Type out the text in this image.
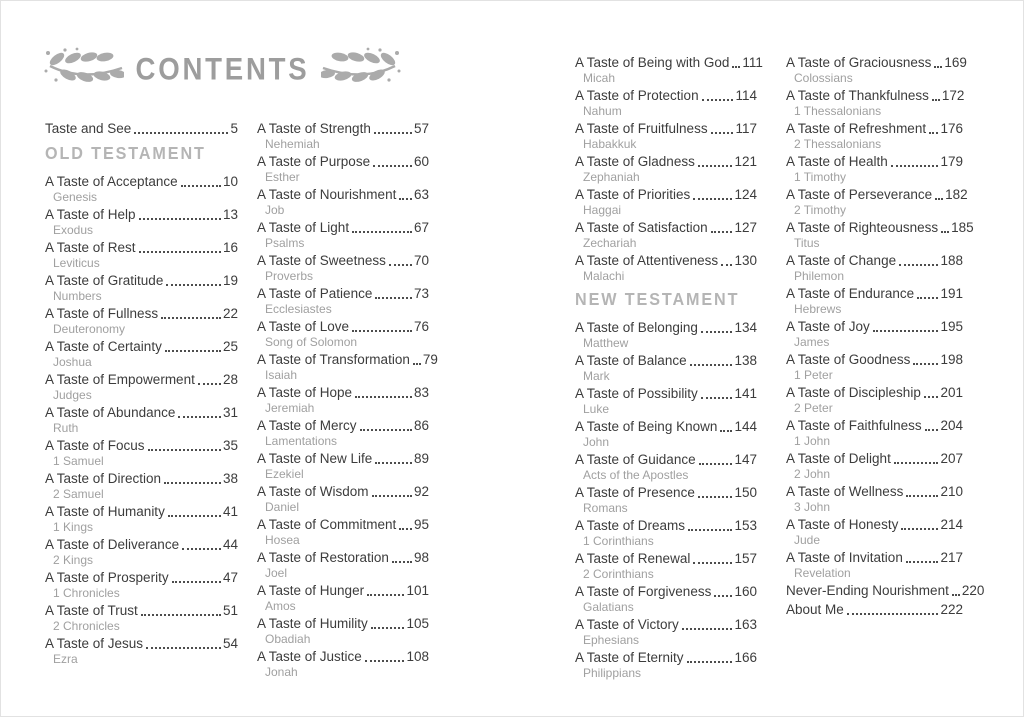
CONTENTS
Taste and See	5
OLD TESTAMENT
A Taste of Acceptance	10
Genesis
A Taste of Help	13
Exodus
A Taste of Rest	16
Leviticus
A Taste of Gratitude	19
Numbers
A Taste of Fullness	22
Deuteronomy
A Taste of Certainty	25
Joshua
A Taste of Empowerment 28
Judges
A Taste of Abundance	31
Ruth
A Taste of Focus	35
1 Samuel
A Taste of Direction	38
2 Samuel
A Taste of Humanity	41
1 Kings
A Taste of Deliverance	44
2 Kings
A Taste of Prosperity	47
1 Chronicles
A Taste of Trust	51
2 Chronicles
A Taste of Jesus	54
Ezra
A Taste of Strength	57
Nehemiah
A Taste of Purpose	60
Esther
A Taste of Nourishment 63
Job
A Taste of Light	67
Psalms
A Taste of Sweetness 70
Proverbs
A Taste of Patience	73
Ecclesiastes
A Taste of Love	76
Song of Solomon
A Taste of Transformation 79
Isaiah
A Taste of Hope	83
Jeremiah
A Taste of Mercy	86
Lamentations
A Taste of New Life	89
Ezekiel
A Taste of Wisdom	92
Daniel
A Taste of Commitment 95
Hosea
A Taste of Restoration 98
Joel
A Taste of Hunger	101
Amos
A Taste of Humility	105
Obadiah
A Taste of Justice	108
Jonah
A Taste of Being with God 111
Micah
A Taste of Protection	114
Nahum
A Taste of Fruitfulness 117
Habakkuk
A Taste of Gladness	121
Zephaniah
A Taste of Priorities	124
Haggai
A Taste of Satisfaction 127
Zechariah
A Taste of Attentiveness 130
Malachi
NEW TESTAMENT
A Taste of Belonging	134
Matthew
A Taste of Balance	138
Mark
A Taste of Possibility	141
Luke
A Taste of Being Known 144
John
A Taste of Guidance	147
Acts of the Apostles
A Taste of Presence	150
Romans
A Taste of Dreams	153
1 Corinthians
A Taste of Renewal	157
2 Corinthians
A Taste of Forgiveness 160
Galatians
A Taste of Victory	163
Ephesians
A Taste of Eternity	166
Philippians
A Taste of Graciousness 169
Colossians
A Taste of Thankfulness 172
1 Thessalonians
A Taste of Refreshment 176
2 Thessalonians
A Taste of Health	179
1 Timothy
A Taste of Perseverance 182
2 Timothy
A Taste of Righteousness 185
Titus
A Taste of Change	188
Philemon
A Taste of Endurance 191
Hebrews
A Taste of Joy	195
James
A Taste of Goodness 198
1 Peter
A Taste of Discipleship 201
2 Peter
A Taste of Faithfulness 204
1 John
A Taste of Delight	207
2 John
A Taste of Wellness	210
3 John
A Taste of Honesty	214
Jude
A Taste of Invitation	217
Revelation
Never-Ending Nourishment 220
About Me	222
